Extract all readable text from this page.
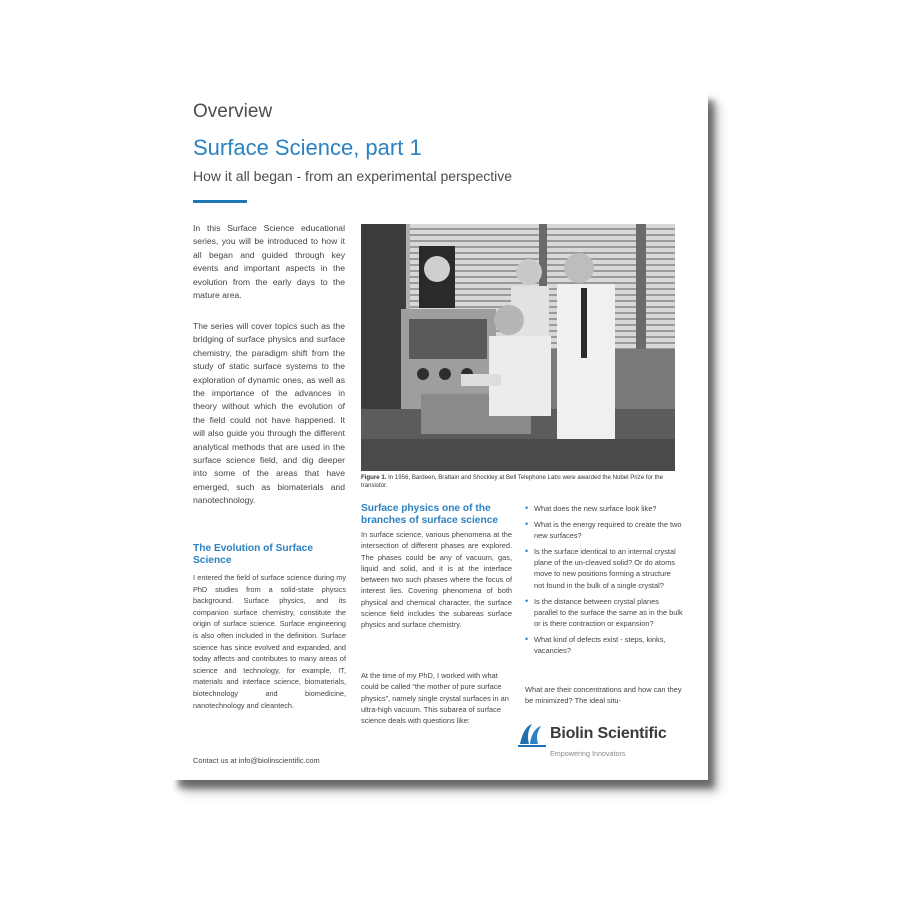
Overview
Surface Science, part 1
How it all began - from an experimental perspective
In this Surface Science educational series, you will be introduced to how it all began and guided through key events and important aspects in the evolution from the early days to the mature area.
The series will cover topics such as the bridging of surface physics and surface chemistry, the paradigm shift from the study of static surface systems to the exploration of dynamic ones, as well as the importance of the advances in theory without which the evolution of the field could not have happened. It will also guide you through the different analytical methods that are used in the surface science field, and dig deeper into some of the areas that have emerged, such as biomaterials and nanotechnology.
The Evolution of Surface Science
I entered the field of surface science during my PhD studies from a solid-state physics background. Surface physics, and its companion surface chemistry, constitute the origin of surface science. Surface engineering is also often included in the definition. Surface science has since evolved and expanded, and today affects and contributes to many areas of science and technology, for example, IT, materials and interface science, biomaterials, biotechnology and biomedicine, nanotechnology and cleantech.
Figure 1. In 1956, Bardeen, Brattain and Shockley at Bell Telephone Labs were awarded the Nobel Prize for the transistor.
Surface physics one of the branches of surface science
In surface science, various phenomena at the intersection of different phases are explored. The phases could be any of vacuum, gas, liquid and solid, and it is at the interface between two such phases where the focus of interest lies. Covering phenomena of both physical and chemical character, the surface science field includes the subareas surface physics and surface chemistry.
At the time of my PhD, I worked with what could be called “the mother of pure surface physics”, namely single crystal surfaces in an ultra-high vacuum. This subarea of surface science deals with questions like:
• What does the new surface look like?
• What is the energy required to create the two new surfaces?
• Is the surface identical to an internal crystal plane of the un-cleaved solid? Or do atoms move to new positions forming a structure not found in the bulk of a single crystal?
• Is the distance between crystal planes parallel to the surface the same as in the bulk or is there contraction or expansion?
• What kind of defects exist - steps, kinks, vacancies?
What are their concentrations and how can they be minimized? The ideal situ-
Biolin Scientific
Empowering Innovators
Contact us at info@biolinscientific.com
